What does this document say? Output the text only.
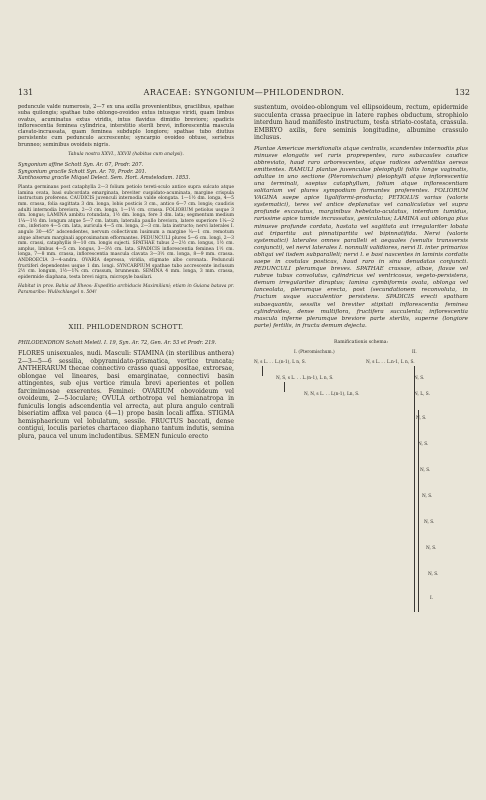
131	ARACEAE: SYNGONIUM—PHILODENDRON.	132

peduncule valde numerosis, 2—7 ex una axilla provenientibus, gracilibus, spathae suba quilongis; spathae tubo oblongo-ovoideo extus intusque viridi, quam limbus ovatus, acuminatus extus viridis, intus flavidus dimidio breviore; spadicis inflorescentia feminea cylindrica, interstitio sterili brevi, inflorescentia mascula clavato-incrassata, quam feminea subduplo longiore; spathae tubo diutius persistente cum pedunculo accrescente; syncarpio ovoideo obtuse, seriebus brunneo; seminibus ovoideis nigris.

Tabula nostra XXVI., XXVII (habitus cum analysi).

Syngonium affine Schott Syn. Ar. 67, Prodr. 207.

Syngonium gracile Schott Syn. Ar. 70, Prodr. 201.

Xanthosoma gracile Miquel Delect. Sem. Hort. Amstelodam. 1853.

Planta germinans post cataphylla 2—3 folium petiolo tereti-sculo antice supra sulcato atque lamina ovata, basi subcordata emarginata, breviter cuspidato-acuminata, margine crispula instructum proferens. CAUDICIS juvenculi internodia valde elongata. 1—1½ dm. longa, 4—5 mm. crassa, folia sagittata 3 dm. longa, lobis posticis 3 cm., antico 6—7 cm. longis; caudicis adulti internodia breviora, 2—3 cm. longa, 1—1½ cm. crassa. FOLIORUM petiolus usque 3 dm. longus; LAMINA ambitu rotundata, 1½ dm. longa, fere 3 dm. lata; segmentum medium 1¼—1½ dm. longum atque 5—7 cm. latum, lateralia paullo breviora, latere superiore 1¼—2 cm., inferiore 4—5 cm. lata, auricula 4—5 cm. longa, 2—3 cm. lata instructo; nervi laterales I. angulo 30—45° adscendentes, nervum collectivum lusimum a margine ¼—1 cm. remotum atque alterum marginali approximatum efformantes. PEDUNCULI plures 5—6 cm. longi, 2—3 mm. crassi, cataphyllis 8—10 cm. longis sujecti. SPATHAE tubus 2—2½ cm. longus, 1½ cm. amplus, limbus 4—5 cm. longus, 3—3½ cm. lata. SPADICIS inflorescentia feminea 1½ cm. longa, 7—8 mm. crassa, inflorescentia mascula clavata 3—3½ cm. longa, 8—9 mm. crassa. ANDROECIA 3—4-andra. OVARIA depressa, viridia, stigmate albo coronata. Pedunculi fructiferi dependentes usque 1 dm. longi. SYNCARPIUM spathae tubo accrescente inclusum 2½ cm. longum, 1½—1¾ cm. crassum, brunneum. SEMINA 4 mm. longa, 3 mm. crassa, epidermide diaphana, testa brevi nigra, micropyle basilari.

Habitat in prov. Bahia ad Ilheos: Expeditio archiducis Maximiliani; etiam in Guiana batava pr. Paramaribo: Wullschlaegel n. 504!

XIII. PHILODENDRON SCHOTT.

PHILODENDRON Schott Meletl. I. 19, Syn. Ar. 72, Gen. Ar. 53 et Prodr. 219.

FLORES unisexuales, nudi. Masculi: STAMINA (in sterilibus anthera) 2—3—5—6 sessilia, obpyramidato-prismatica, vertice truncata; ANTHERARUM thecae connectivo crasso quasi appositae, extrorsae, oblongae vel lineares, basi emarginatae, connectivi basin attingentes, sub ejus vertice rimula brevi aperientes et pollen farcimimosae exserentes. Feminei: OVARIUM obovoideum vel ovoideum, 2—5-loculare; OVULA orthotropa vel hemianatropa in funiculis longis adscendentia vel arrecta, aut plura angulo centrali biseriatim affixa vel pauca (4—1) prope basin locali affixa. STIGMA hemisphaericum vel lobulatum, sessile. FRUCTUS baccati, dense contigui, loculis parietes chartaceo diaphano tantum indutis, semina plura, pauca vel unum includentibus. SEMEN funiculo erecto

sustentum, ovoideo-oblongum vel ellipsoideum, rectum, epidermide succulenta crassa praecipue in latere raphes obductum, strophiolo interdum haud manifesto instructum, testa striato-costata, crassula. EMBRYO axilis, fere seminis longitudine, albumine crassulo inclusus.

Plantae Americae meridionalis atque centralis, scandentes internodiis plus minusve elongatis vel raris proprepentes, raro subacaules caudice abbreviato, haud raro arborescentes, atque radices adventitias aereas emittentes. RAMULI plantae juvenculae pleiophylli foliis longe vaginatis, adultae in uno sectione (Pteromischum) pleiophylli atque inflorescentia una terminali, saepius cataphyllum, folium atque inflorescentiam solitariam vel plures sympodium formantes proferentes. FOLIORUM VAGINA saepe apice ligaliformi-producta; PETIOLUS varius (valoris systematici), teres vel antice deplanatus vel canaliculatus vel supra profunde excavatus, marginibus hebetato-acutatus, interdum tumidus, rarissime apice tumide incrassatus, geniculatus; LAMINA aut oblonga plus minusve profunde cordata, hastata vel sagittata aut irregulariter lobata aut tripartita aut pinnatipartita vel bipinnatifida. Nervi (valoris systematici) laterales omnes paralleli et aequales (venulis transversis conjuncti), vel nervi laterales I. nonnulli validiores, nervi II. inter primarios obliqui vel iisdem subparalleli; nervi l. e basi nascentes in laminis cordatis saepe in costulas posticas, haud raro in sinu denudatas conjuncti. PEDUNCULI plerumque breves. SPATHAE crassae, albae, flavae vel rubrae tubus convolutus, cylindricus vel ventricosus, vegeto-persistens, demum irregulariter diruptus; lamina cymbiformis ovata, oblonga vel lanceolata, plerumque erecta, post (secundationem reconvoluta, in fructum usque succulentior persistens. SPADICIS erecti spatham subaequantis, sessilis vel breviter stipitati inflorescentia feminea cylindroidea, dense multiflora, fructifera succulenta; inflorescentia mascula inferne plerumque breviore parte sterilis, superne (longiore parte) fertilis, in fructu demum dejecta.

Ramificationis schema:
I. (Pteromischum.)	II.
N, s L. . . L.(n-1), L n, S.	N, s L. . . L.n-1, L n, S.
N, S, s L. . . L.(n-1), L n, S.	N, S.
N, N, s L. . . L(n-1), Ln, S.	N, L, S.
N, S.
N, S.
N, S.
N, S.
N, S.
N, S.
N, S.
I.
